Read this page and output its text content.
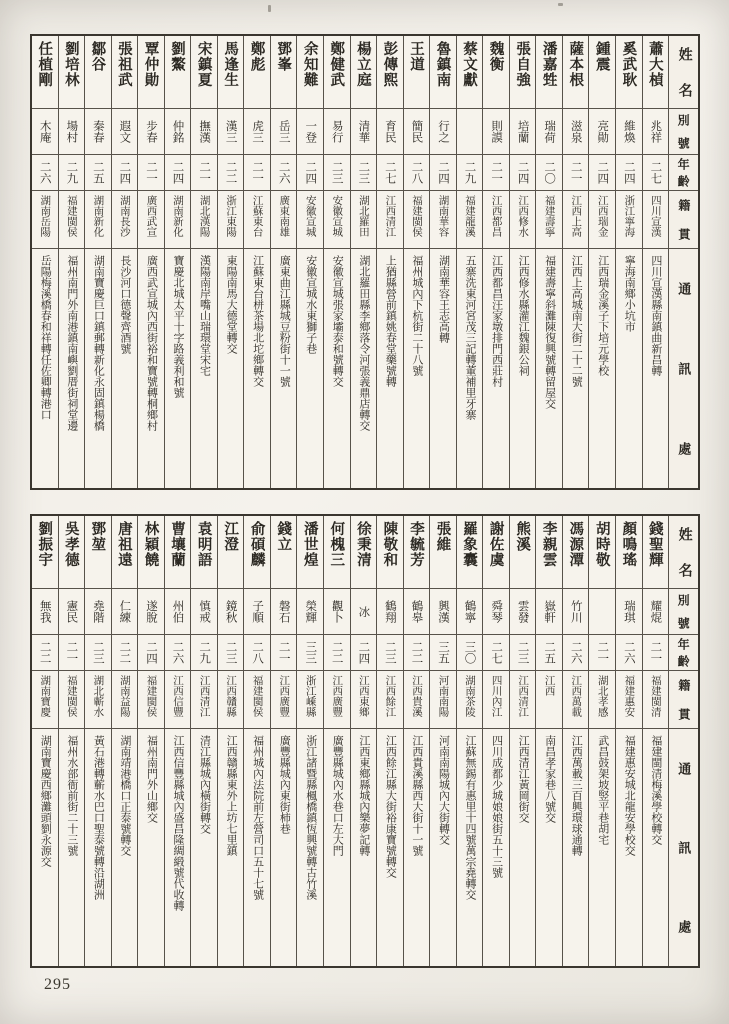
任植剛
木庵
二六
湖南岳陽
岳陽梅溪橋春和祥轉任佐卿轉港口
劉培林
場村
二九
福建閩侯
福州南門外南港鎮南嶼劉厝街祠堂邊
鄒谷
秦春
二五
湖南新化
湖南寶慶巨口鎮郵轉新化永固鎮楊橋
張祖武
遐文
二四
湖南長沙
長沙河口德聲齊酒號
覃仲勛
步春
二一
廣西武宣
廣西武宣城內西街裕和寶號轉桐鄉村
劉鰲
仲銘
二四
湖南新化
寶慶北城太平十字路義利和號
宋鎮夏
撫漢
二一
湖北漢陽
漢陽南岸嘴山瑞環堂宋宅
馬逢生
漢三
二二
浙江東陽
東陽南馬大德堂轉交
鄭彪
虎三
二一
江蘇東台
江蘇東台栟茶場北坨鄉轉交
鄧峯
岳三
二六
廣東南雄
廣東曲江縣城豆粉街十一號
余知難
一登
二四
安徽宣城
安徽宣城水東獅子巷
鄭健武
易行
二三
安徽宣城
安徽宣城張家壩泰和號轉交
楊立庭
清華
二三
湖北羅田
湖北羅田縣李鄉落令河張義鼎店轉交
彭傳熙
育民
二七
江西清江
上猶縣營前鎮姚春堂藥號轉
王道
簡民
二八
福建閩侯
福州城內下杭街二十八號
魯鎮南
行之
二四
湖南華容
湖南華容王志高轉
蔡文獻
二九
福建龍溪
五寨洗東河宮茂三記轉董補里牙寨
魏衡
則謨
二一
江西都昌
江西都昌汪家墩排門西莊村
張自強
培蘭
二四
江西修水
江西修水縣灌江魏銀公祠
潘嘉甡
瑞荷
二〇
福建壽寧
福建壽寧斜灘陳復興號轉留屋交
薩本根
滋泉
二一
江西上高
江西上高城南大街二十二號
鍾震
亮勛
二四
江西瑞金
江西瑞金溪子下培元學校
奚武耿
維煥
二四
浙江寧海
寧海南鄉小坑市
蕭大楨
兆祥
二七
四川宣漢
四川宣漢縣南鎮曲新昌轉
姓
名
別
號
年
齡
籍
貫
通
訊
處
劉振宇
無我
二二
湖南寶慶
湖南寶慶西鄉灘頭劉永源交
吳孝德
憲民
二一
福建閩侯
福州水部衙前街二十三號
鄧堃
堯階
二三
湖北蘄水
黃石港轉蘄水巴口聖泰號轉沿湖洲
唐祖遠
仁練
二二
湖南益陽
湖南靖港橋口正泰號轉交
林穎饒
遂脫
二四
福建閩侯
福州南門外山鄉交
曹壤蘭
州伯
二六
江西信豐
江西信豐縣城內盛昌隆綢緞號代收轉
袁明語
慎戒
二九
江西清江
清江縣城內橫街轉交
江澄
鏡秋
二三
江西贛縣
江西贛縣東外上坊七里鎮
俞碩麟
子順
二八
福建閩侯
福州城內法院前左營司口五十七號
錢立
磐石
二一
江西廣豐
廣豐縣城內東街柿巷
潘世煌
榮輝
三三
浙江嵊縣
浙江諸暨縣楓橋鎮恆興號轉古竹溪
何槐三
觀卜
二二
江西廣豐
廣豐縣城內水巷口左大門
徐秉清
冰
二四
江西東鄉
江西東鄉縣城內樂夢記轉
陳敬和
鶴翔
二三
江西餘江
江西餘江縣大街裕康寶號轉交
李毓芳
鶴皋
二二
江西貴溪
江西貴溪縣西大街十一號
張維
興漢
三五
河南南陽
河南南陽城內大街轉交
羅象囊
鶴寧
三〇
湖南茶陵
江蘇無錫有惠里十四號萬宗堯轉交
謝佐虞
舜琴
二七
四川內江
四川成都少城娘娘街五十三號
熊溪
雲發
二三
江西清江
江西清江黃岡街交
李親雲
嶽軒
二五
江西
南昌孝家巷八號交
馮源潭
竹川
二六
江西萬載
江西萬載三百興環球通轉
胡時敬
二一
湖北孝感
武昌鼓架坡竪平巷胡宅
顏鳴瑤
瑞琪
二六
福建惠安
福建惠安城北龍安學校交
錢聖輝
耀焜
二一
福建閩清
福建閩清梅溪學校轉交
姓
名
別
號
年
齡
籍
貫
通
訊
處
295
